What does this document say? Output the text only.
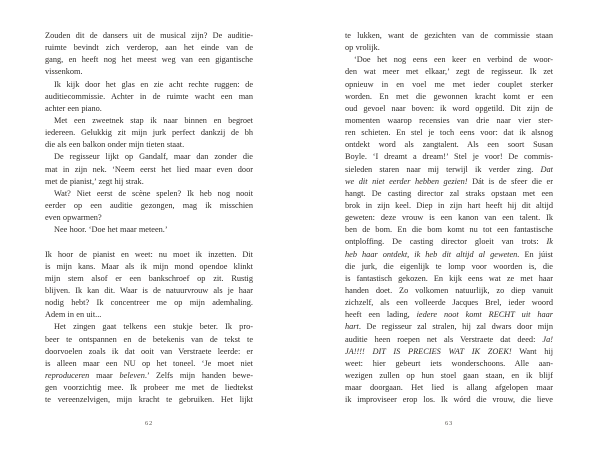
Zouden dit de dansers uit de musical zijn? De auditie-
ruimte bevindt zich verderop, aan het einde van de
gang, en heeft nog het meest weg van een gigantische
vissenkom.
Ik kijk door het glas en zie acht rechte ruggen: de
auditiecommissie. Achter in de ruimte wacht een man
achter een piano.
Met een zweetnek stap ik naar binnen en begroet
iedereen. Gelukkig zit mijn jurk perfect dankzij de bh
die als een balkon onder mijn tieten staat.
De regisseur lijkt op Gandalf, maar dan zonder die
mat in zijn nek. ‘Neem eerst het lied maar even door
met de pianist,’ zegt hij strak.
Wat? Niet eerst de scène spelen? Ik heb nog nooit
eerder op een auditie gezongen, mag ik misschien
even opwarmen?
Nee hoor. ‘Doe het maar meteen.’
Ik hoor de pianist en weet: nu moet ik inzetten. Dit
is mijn kans. Maar als ik mijn mond opendoe klinkt
mijn stem alsof er een bankschroef op zit. Rustig
blijven. Ik kan dit. Waar is de natuurvrouw als je haar
nodig hebt? Ik concentreer me op mijn ademhaling.
Adem in en uit...
Het zingen gaat telkens een stukje beter. Ik pro-
beer te ontspannen en de betekenis van de tekst te
doorvoelen zoals ik dat ooit van Verstraete leerde: er
is alleen maar een NU op het toneel. ‘Je moet niet
reproduceren maar beleven.’ Zelfs mijn handen bewe-
gen voorzichtig mee. Ik probeer me met de liedtekst
te vereenzelvigen, mijn kracht te gebruiken. Het lijkt
62
te lukken, want de gezichten van de commissie staan
op vrolijk.
‘Doe het nog eens een keer en verbind de woor-
den wat meer met elkaar,’ zegt de regisseur. Ik zet
opnieuw in en voel me met ieder couplet sterker
worden. En met die gewonnen kracht komt er een
oud gevoel naar boven: ik word opgetild. Dit zijn de
momenten waarop recensies van drie naar vier ster-
ren schieten. En stel je toch eens voor: dat ik alsnog
ontdekt word als zangtalent. Als een soort Susan
Boyle. ‘I dreamt a dream!’ Stel je voor! De commis-
sieleden staren naar mij terwijl ik verder zing. Dat
we dit niet eerder hebben gezien! Dát is de sfeer die er
hangt. De casting director zal straks opstaan met een
brok in zijn keel. Diep in zijn hart heeft hij dit altijd
geweten: deze vrouw is een kanon van een talent. Ik
ben de bom. En die bom komt nu tot een fantastische
ontploffing. De casting director gloeit van trots: Ik
heb haar ontdekt, ik heb dit altijd al geweten. En júist
die jurk, die eigenlijk te lomp voor woorden is, die
is fantastisch gekozen. En kijk eens wat ze met haar
handen doet. Zo volkomen natuurlijk, zo diep vanuit
zichzelf, als een volleerde Jacques Brel, ieder woord
heeft een lading, iedere noot komt RECHT uit haar
hart. De regisseur zal stralen, hij zal dwars door mijn
auditie heen roepen net als Verstraete dat deed: Ja!
JA!!!! DIT IS PRECIES WAT IK ZOEK! Want hij
weet: hier gebeurt iets wonderschoons. Alle aan-
wezigen zullen op hun stoel gaan staan, en ik blijf
maar doorgaan. Het lied is allang afgelopen maar
ik improviseer erop los. Ik wórd die vrouw, die lieve
63
